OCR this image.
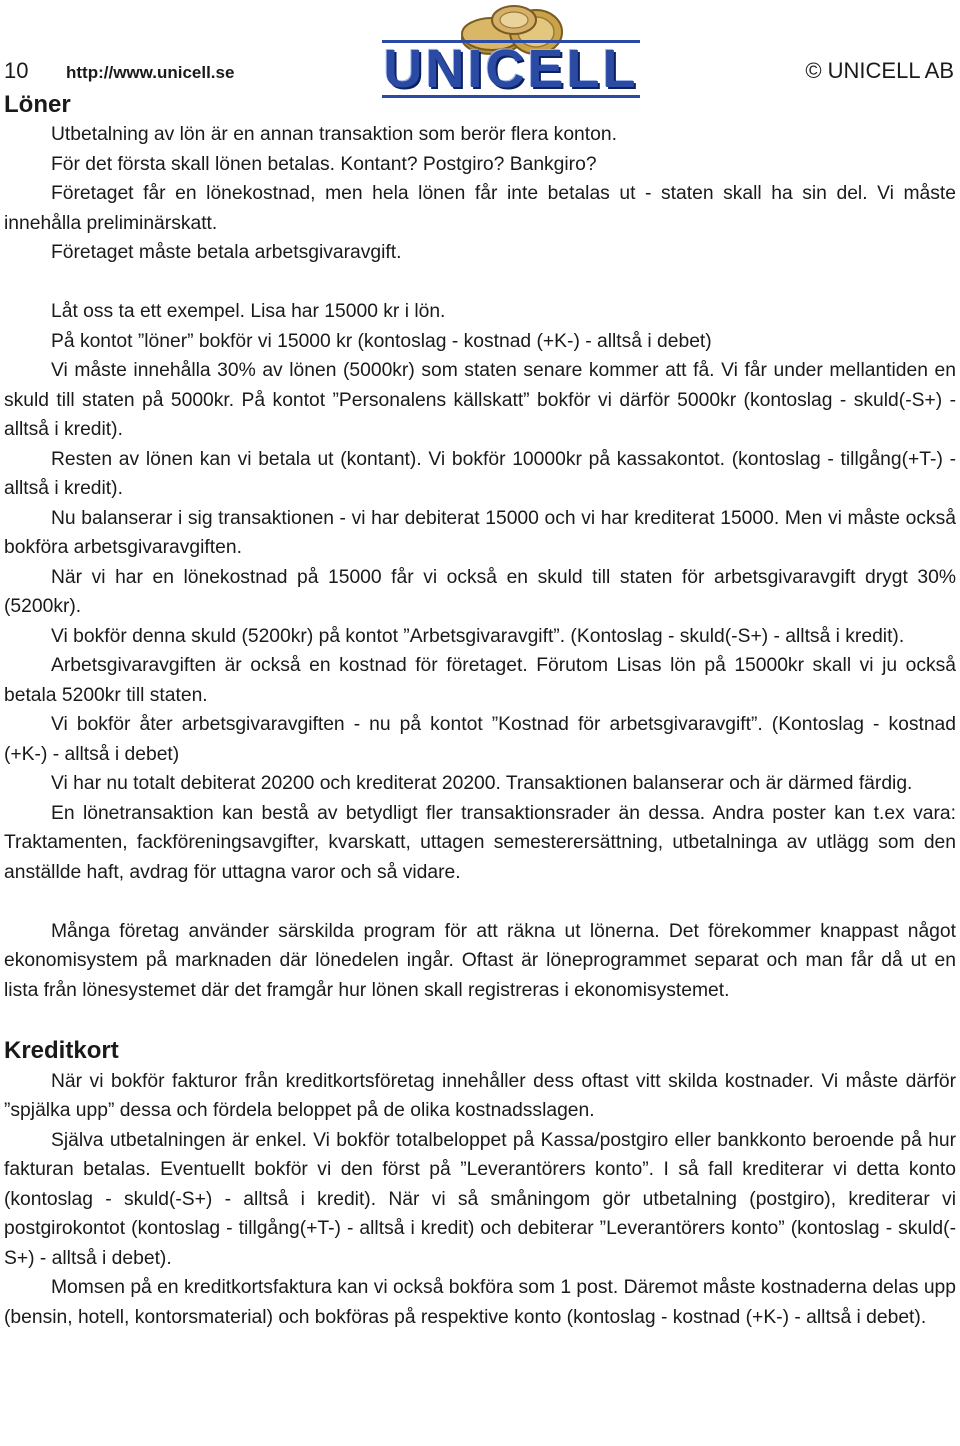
10 http://www.unicell.se	UNICELL	© UNICELL AB
Löner

Utbetalning av lön är en annan transaktion som berör flera konton.

För det första skall lönen betalas. Kontant? Postgiro? Bankgiro?

Företaget får en lönekostnad, men hela lönen får inte betalas ut - staten skall ha sin del. Vi måste innehålla preliminärskatt.

Företaget måste betala arbetsgivaravgift.

Låt oss ta ett exempel. Lisa har 15000 kr i lön.

På kontot ”löner” bokför vi 15000 kr (kontoslag - kostnad (+K-) - alltså i debet)

Vi måste innehålla 30% av lönen (5000kr) som staten senare kommer att få. Vi får under mellantiden en skuld till staten på 5000kr. På kontot ”Personalens källskatt” bokför vi därför 5000kr (kontoslag - skuld(-S+) - alltså i kredit).

Resten av lönen kan vi betala ut (kontant). Vi bokför 10000kr på kassakontot. (kontoslag - tillgång(+T-) - alltså i kredit).

Nu balanserar i sig transaktionen - vi har debiterat 15000 och vi har krediterat 15000. Men vi måste också bokföra arbetsgivaravgiften.

När vi har en lönekostnad på 15000 får vi också en skuld till staten för arbetsgivaravgift drygt 30% (5200kr).

Vi bokför denna skuld (5200kr) på kontot ”Arbetsgivaravgift”. (Kontoslag - skuld(-S+) - alltså i kredit).

Arbetsgivaravgiften är också en kostnad för företaget. Förutom Lisas lön på 15000kr skall vi ju också betala 5200kr till staten.

Vi bokför åter arbetsgivaravgiften - nu på kontot ”Kostnad för arbetsgivaravgift”. (Kontoslag - kostnad (+K-) - alltså i debet)

Vi har nu totalt debiterat 20200 och krediterat 20200. Transaktionen balanserar och är därmed färdig.

En lönetransaktion kan bestå av betydligt fler transaktionsrader än dessa. Andra poster kan t.ex vara: Traktamenten, fackföreningsavgifter, kvarskatt, uttagen semesterersättning, utbetalninga av utlägg som den anställde haft, avdrag för uttagna varor och så vidare.

Många företag använder särskilda program för att räkna ut lönerna. Det förekommer knappast något ekonomisystem på marknaden där lönedelen ingår. Oftast är löneprogrammet separat och man får då ut en lista från lönesystemet där det framgår hur lönen skall registreras i ekonomisystemet.

Kreditkort

När vi bokför fakturor från kreditkortsföretag innehåller dess oftast vitt skilda kostnader. Vi måste därför ”spjälka upp” dessa och fördela beloppet på de olika kostnadsslagen.

Själva utbetalningen är enkel. Vi bokför totalbeloppet på Kassa/postgiro eller bankkonto beroende på hur fakturan betalas. Eventuellt bokför vi den först på ”Leverantörers konto”. I så fall krediterar vi detta konto (kontoslag - skuld(-S+) - alltså i kredit). När vi så småningom gör utbetalning (postgiro), krediterar vi postgirokontot (kontoslag - tillgång(+T-) - alltså i kredit) och debiterar ”Leverantörers konto” (kontoslag - skuld(-S+) - alltså i debet).

Momsen på en kreditkortsfaktura kan vi också bokföra som 1 post. Däremot måste kostnaderna delas upp (bensin, hotell, kontorsmaterial) och bokföras på respektive konto (kontoslag - kostnad (+K-) - alltså i debet).
